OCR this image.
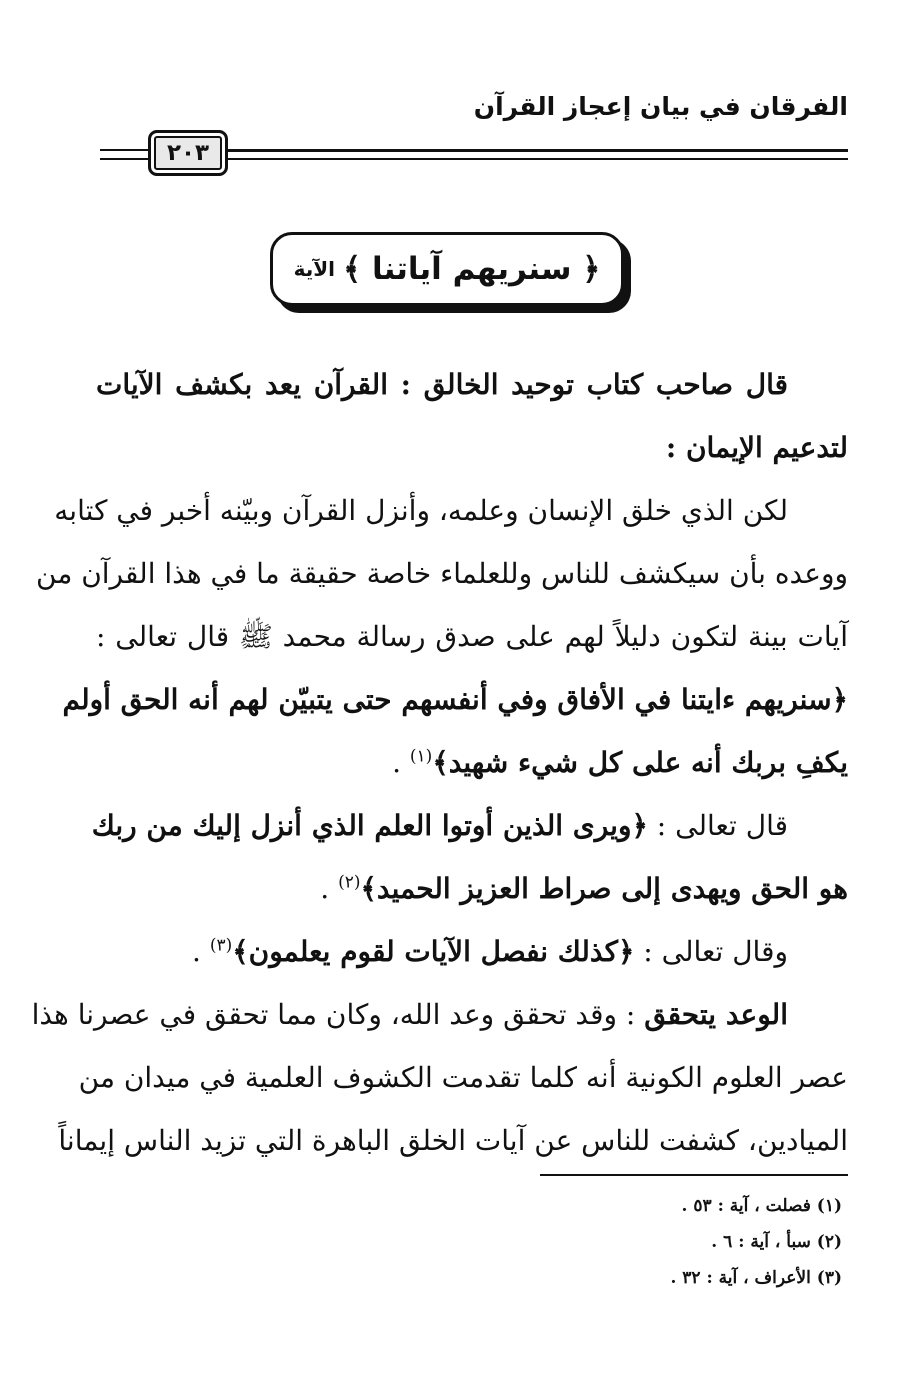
الفرقان في بيان إعجاز القرآن
٢٠٣
﴿ سنريهم آياتنا ﴾
الآية
قال صاحب كتاب توحيد الخالق : القرآن يعد بكشف الآيات
لتدعيم الإيمان :
لكن الذي خلق الإنسان وعلمه، وأنزل القرآن وبيّنه أخبر في كتابه
ووعده بأن سيكشف للناس وللعلماء خاصة حقيقة ما في هذا القرآن من
آيات بينة لتكون دليلاً لهم على صدق رسالة محمد ﷺ قال تعالى :
﴿سنريهم ءايتنا في الأفاق وفي أنفسهم حتى يتبيّن لهم أنه الحق أولم
يكفِ بربك أنه على كل شيء شهيد﴾$^{(١)}$ .
قال تعالى : ﴿ويرى الذين أوتوا العلم الذي أنزل إليك من ربك
هو الحق ويهدى إلى صراط العزيز الحميد﴾$^{(٢)}$ .
وقال تعالى : ﴿كذلك نفصل الآيات لقوم يعلمون﴾$^{(٣)}$ .
الوعد يتحقق : وقد تحقق وعد الله، وكان مما تحقق في عصرنا هذا
عصر العلوم الكونية أنه كلما تقدمت الكشوف العلمية في ميدان من
الميادين، كشفت للناس عن آيات الخلق الباهرة التي تزيد الناس إيماناً
(١) فصلت ، آية : ٥٣ .
(٢) سبأ ، آية : ٦ .
(٣) الأعراف ، آية : ٣٢ .
